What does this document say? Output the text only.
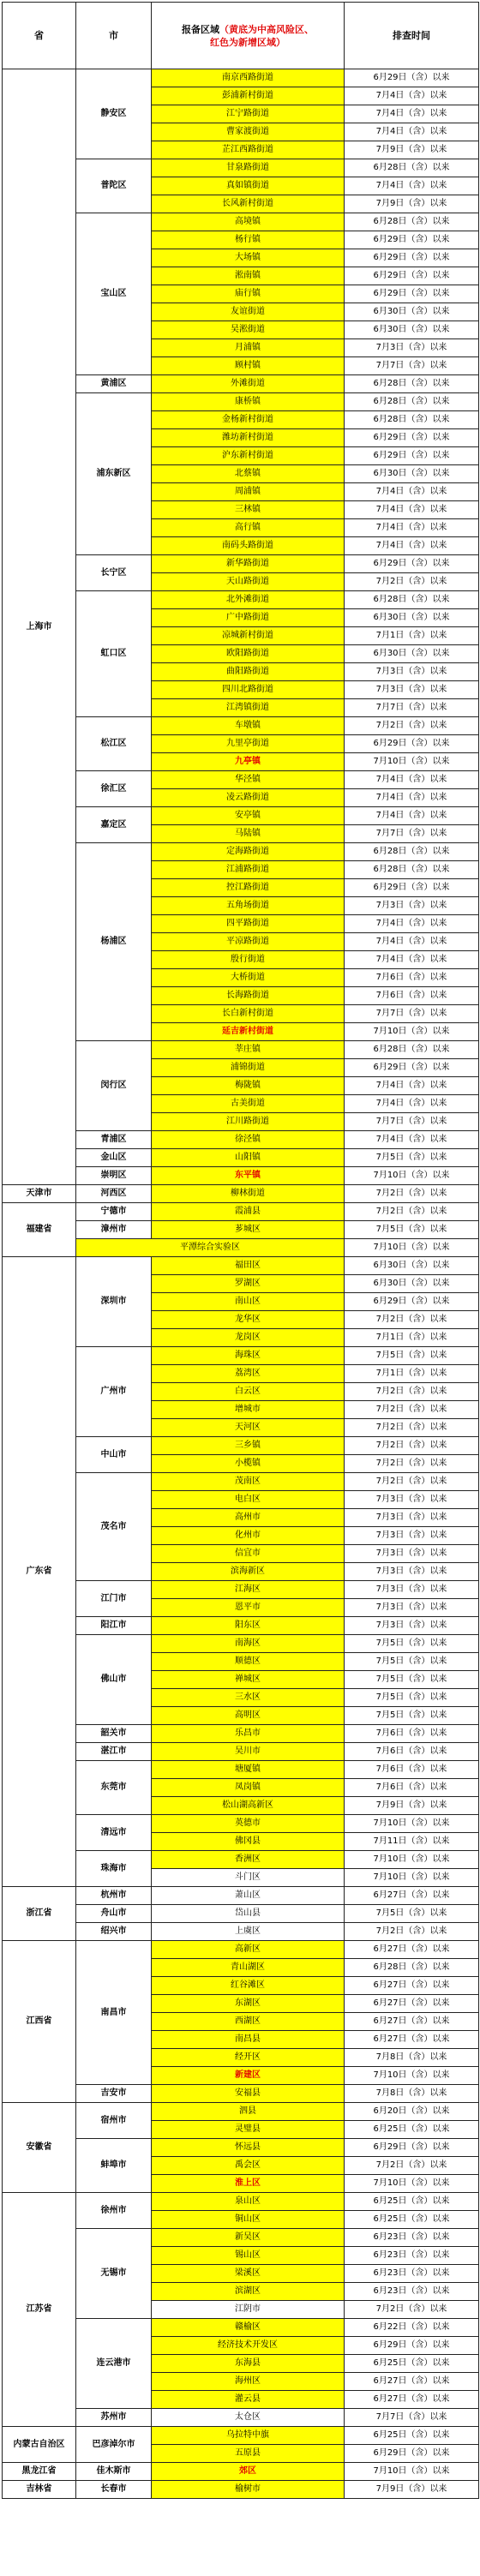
省	市	报备区域（黄底为中高风险区、
红色为新增区域）	排查时间
上海市	静安区	南京西路街道	6月29日（含）以来
		彭浦新村街道	7月4日（含）以来
		江宁路街道	7月4日（含）以来
		曹家渡街道	7月4日（含）以来
		芷江西路街道	7月9日（含）以来
	普陀区	甘泉路街道	6月28日（含）以来
		真如镇街道	7月4日（含）以来
		长风新村街道	7月9日（含）以来
	宝山区	高境镇	6月28日（含）以来
		杨行镇	6月29日（含）以来
		大场镇	6月29日（含）以来
		淞南镇	6月29日（含）以来
		庙行镇	6月29日（含）以来
		友谊街道	6月30日（含）以来
		吴淞街道	6月30日（含）以来
		月浦镇	7月3日（含）以来
		顾村镇	7月7日（含）以来
	黄浦区	外滩街道	6月28日（含）以来
	浦东新区	康桥镇	6月28日（含）以来
		金杨新村街道	6月28日（含）以来
		潍坊新村街道	6月29日（含）以来
		沪东新村街道	6月29日（含）以来
		北蔡镇	6月30日（含）以来
		周浦镇	7月4日（含）以来
		三林镇	7月4日（含）以来
		高行镇	7月4日（含）以来
		南码头路街道	7月4日（含）以来
	长宁区	新华路街道	6月29日（含）以来
		天山路街道	7月2日（含）以来
	虹口区	北外滩街道	6月28日（含）以来
		广中路街道	6月30日（含）以来
		凉城新村街道	7月1日（含）以来
		欧阳路街道	6月30日（含）以来
		曲阳路街道	7月3日（含）以来
		四川北路街道	7月3日（含）以来
		江湾镇街道	7月7日（含）以来
	松江区	车墩镇	7月2日（含）以来
		九里亭街道	6月29日（含）以来
		九亭镇	7月10日（含）以来
	徐汇区	华泾镇	7月4日（含）以来
		凌云路街道	7月4日（含）以来
	嘉定区	安亭镇	7月4日（含）以来
		马陆镇	7月7日（含）以来
	杨浦区	定海路街道	6月28日（含）以来
		江浦路街道	6月28日（含）以来
		控江路街道	6月29日（含）以来
		五角场街道	7月3日（含）以来
		四平路街道	7月4日（含）以来
		平凉路街道	7月4日（含）以来
		殷行街道	7月4日（含）以来
		大桥街道	7月6日（含）以来
		长海路街道	7月6日（含）以来
		长白新村街道	7月7日（含）以来
		延吉新村街道	7月10日（含）以来
	闵行区	莘庄镇	6月28日（含）以来
		浦锦街道	6月29日（含）以来
		梅陇镇	7月4日（含）以来
		古美街道	7月4日（含）以来
		江川路街道	7月7日（含）以来
	青浦区	徐泾镇	7月4日（含）以来
	金山区	山阳镇	7月5日（含）以来
	崇明区	东平镇	7月10日（含）以来
天津市	河西区	柳林街道	7月2日（含）以来
福建省	宁德市	霞浦县	7月2日（含）以来
	漳州市	芗城区	7月5日（含）以来
	平潭综合实验区		7月10日（含）以来
广东省	深圳市	福田区	6月30日（含）以来
		罗湖区	6月30日（含）以来
		南山区	6月29日（含）以来
		龙华区	7月2日（含）以来
		龙岗区	7月1日（含）以来
	广州市	海珠区	7月5日（含）以来
		荔湾区	7月1日（含）以来
		白云区	7月2日（含）以来
		增城市	7月2日（含）以来
		天河区	7月2日（含）以来
	中山市	三乡镇	7月2日（含）以来
		小榄镇	7月2日（含）以来
	茂名市	茂南区	7月2日（含）以来
		电白区	7月3日（含）以来
		高州市	7月3日（含）以来
		化州市	7月3日（含）以来
		信宜市	7月3日（含）以来
		滨海新区	7月3日（含）以来
	江门市	江海区	7月3日（含）以来
		恩平市	7月3日（含）以来
	阳江市	阳东区	7月3日（含）以来
	佛山市	南海区	7月5日（含）以来
		顺德区	7月5日（含）以来
		禅城区	7月5日（含）以来
		三水区	7月5日（含）以来
		高明区	7月5日（含）以来
	韶关市	乐昌市	7月6日（含）以来
	湛江市	吴川市	7月6日（含）以来
	东莞市	塘厦镇	7月6日（含）以来
		凤岗镇	7月6日（含）以来
		松山湖高新区	7月9日（含）以来
	清远市	英德市	7月10日（含）以来
		佛冈县	7月11日（含）以来
	珠海市	香洲区	7月10日（含）以来
		斗门区	7月10日（含）以来
浙江省	杭州市	萧山区	6月27日（含）以来
	舟山市	岱山县	7月5日（含）以来
	绍兴市	上虞区	7月2日（含）以来
江西省	南昌市	高新区	6月27日（含）以来
		青山湖区	6月28日（含）以来
		红谷滩区	6月27日（含）以来
		东湖区	6月27日（含）以来
		西湖区	6月27日（含）以来
		南昌县	6月27日（含）以来
		经开区	7月8日（含）以来
		新建区	7月10日（含）以来
	吉安市	安福县	7月8日（含）以来
安徽省	宿州市	泗县	6月20日（含）以来
		灵璧县	6月25日（含）以来
	蚌埠市	怀远县	6月29日（含）以来
		禹会区	7月2日（含）以来
		淮上区	7月10日（含）以来
江苏省	徐州市	泉山区	6月25日（含）以来
		铜山区	6月25日（含）以来
	无锡市	新吴区	6月23日（含）以来
		锡山区	6月23日（含）以来
		梁溪区	6月23日（含）以来
		滨湖区	6月23日（含）以来
		江阴市	7月2日（含）以来
	连云港市	赣榆区	6月22日（含）以来
		经济技术开发区	6月29日（含）以来
		东海县	6月25日（含）以来
		海州区	6月27日（含）以来
		灌云县	6月27日（含）以来
	苏州市	太仓区	7月7日（含）以来
内蒙古自治区	巴彦淖尔市	乌拉特中旗	6月25日（含）以来
		五原县	6月29日（含）以来
黑龙江省	佳木斯市	郊区	7月10日（含）以来
吉林省	长春市	榆树市	7月9日（含）以来
